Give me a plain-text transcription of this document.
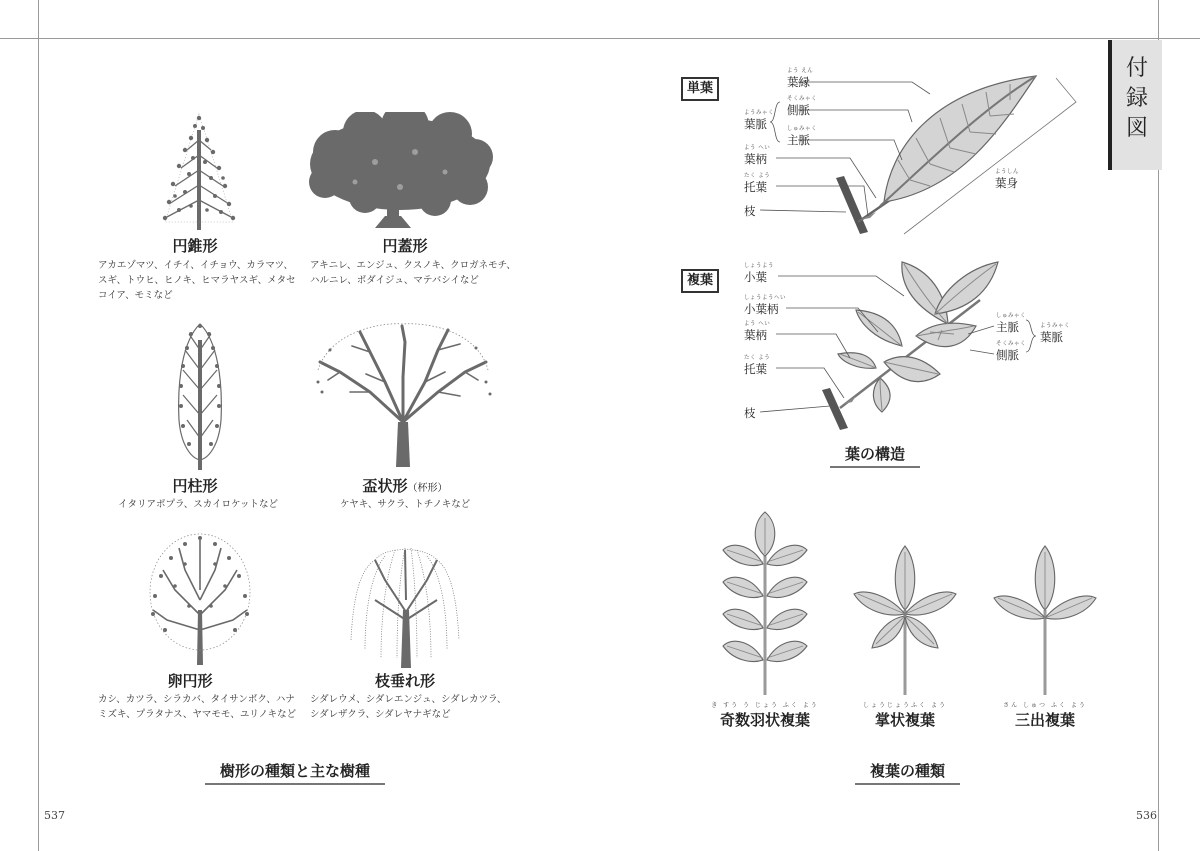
537	536
付録図
円錐形
アカエゾマツ、イチイ、イチョウ、カラマツ、
スギ、トウヒ、ヒノキ、ヒマラヤスギ、メタセ
コイア、モミなど
円蓋形
アキニレ、エンジュ、クスノキ、クロガネモチ、
ハルニレ、ボダイジュ、マテバシイなど
円柱形
イタリアポプラ、スカイロケットなど
盃状形（杯形）
ケヤキ、サクラ、トチノキなど
卵円形
カシ、カツラ、シラカバ、タイサンボク、ハナ
ミズキ、プラタナス、ヤマモモ、ユリノキなど
枝垂れ形
シダレウメ、シダレエンジュ、シダレカツラ、
シダレザクラ、シダレヤナギなど
樹形の種類と主な樹種
単葉
よう えん
葉縁
そくみゃく
側脈
しゅみゃく
主脈
ようみゃく
葉脈
よう へい
葉柄
たく よう
托葉
枝
ようしん
葉身
複葉
しょうよう
小葉
しょうようへい
小葉柄
よう へい
葉柄
たく よう
托葉
枝
しゅみゃく
主脈
そくみゃく
側脈
ようみゃく
葉脈
葉の構造
き すう う じょう ふく よう
奇数羽状複葉
しょうじょうふく よう
掌状複葉
さん しゅつ ふく よう
三出複葉
複葉の種類
